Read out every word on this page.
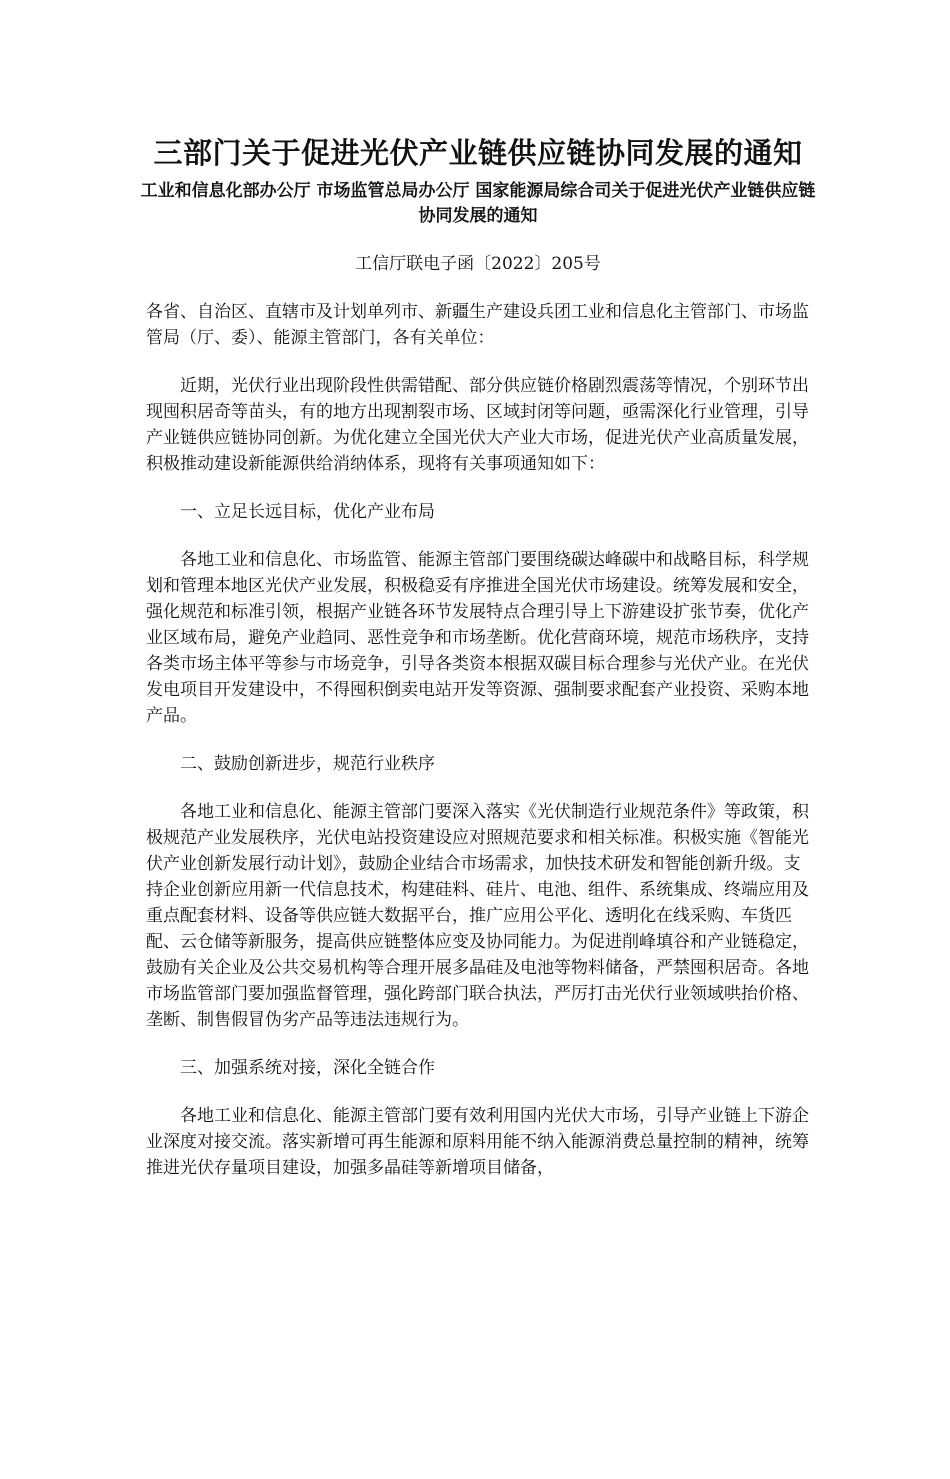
三部门关于促进光伏产业链供应链协同发展的通知
工业和信息化部办公厅 市场监管总局办公厅 国家能源局综合司关于促进光伏产业链供应链协同发展的通知
工信厅联电子函〔2022〕205号

各省、自治区、直辖市及计划单列市、新疆生产建设兵团工业和信息化主管部门、市场监管局（厅、委）、能源主管部门，各有关单位：

近期，光伏行业出现阶段性供需错配、部分供应链价格剧烈震荡等情况，个别环节出现囤积居奇等苗头，有的地方出现割裂市场、区域封闭等问题，亟需深化行业管理，引导产业链供应链协同创新。为优化建立全国光伏大产业大市场，促进光伏产业高质量发展，积极推动建设新能源供给消纳体系，现将有关事项通知如下：

一、立足长远目标，优化产业布局

各地工业和信息化、市场监管、能源主管部门要围绕碳达峰碳中和战略目标，科学规划和管理本地区光伏产业发展，积极稳妥有序推进全国光伏市场建设。统筹发展和安全，强化规范和标准引领，根据产业链各环节发展特点合理引导上下游建设扩张节奏，优化产业区域布局，避免产业趋同、恶性竞争和市场垄断。优化营商环境，规范市场秩序，支持各类市场主体平等参与市场竞争，引导各类资本根据双碳目标合理参与光伏产业。在光伏发电项目开发建设中，不得囤积倒卖电站开发等资源、强制要求配套产业投资、采购本地产品。

二、鼓励创新进步，规范行业秩序

各地工业和信息化、能源主管部门要深入落实《光伏制造行业规范条件》等政策，积极规范产业发展秩序，光伏电站投资建设应对照规范要求和相关标准。积极实施《智能光伏产业创新发展行动计划》，鼓励企业结合市场需求，加快技术研发和智能创新升级。支持企业创新应用新一代信息技术，构建硅料、硅片、电池、组件、系统集成、终端应用及重点配套材料、设备等供应链大数据平台，推广应用公平化、透明化在线采购、车货匹配、云仓储等新服务，提高供应链整体应变及协同能力。为促进削峰填谷和产业链稳定，鼓励有关企业及公共交易机构等合理开展多晶硅及电池等物料储备，严禁囤积居奇。各地市场监管部门要加强监督管理，强化跨部门联合执法，严厉打击光伏行业领域哄抬价格、垄断、制售假冒伪劣产品等违法违规行为。

三、加强系统对接，深化全链合作

各地工业和信息化、能源主管部门要有效利用国内光伏大市场，引导产业链上下游企业深度对接交流。落实新增可再生能源和原料用能不纳入能源消费总量控制的精神，统筹推进光伏存量项目建设，加强多晶硅等新增项目储备，
